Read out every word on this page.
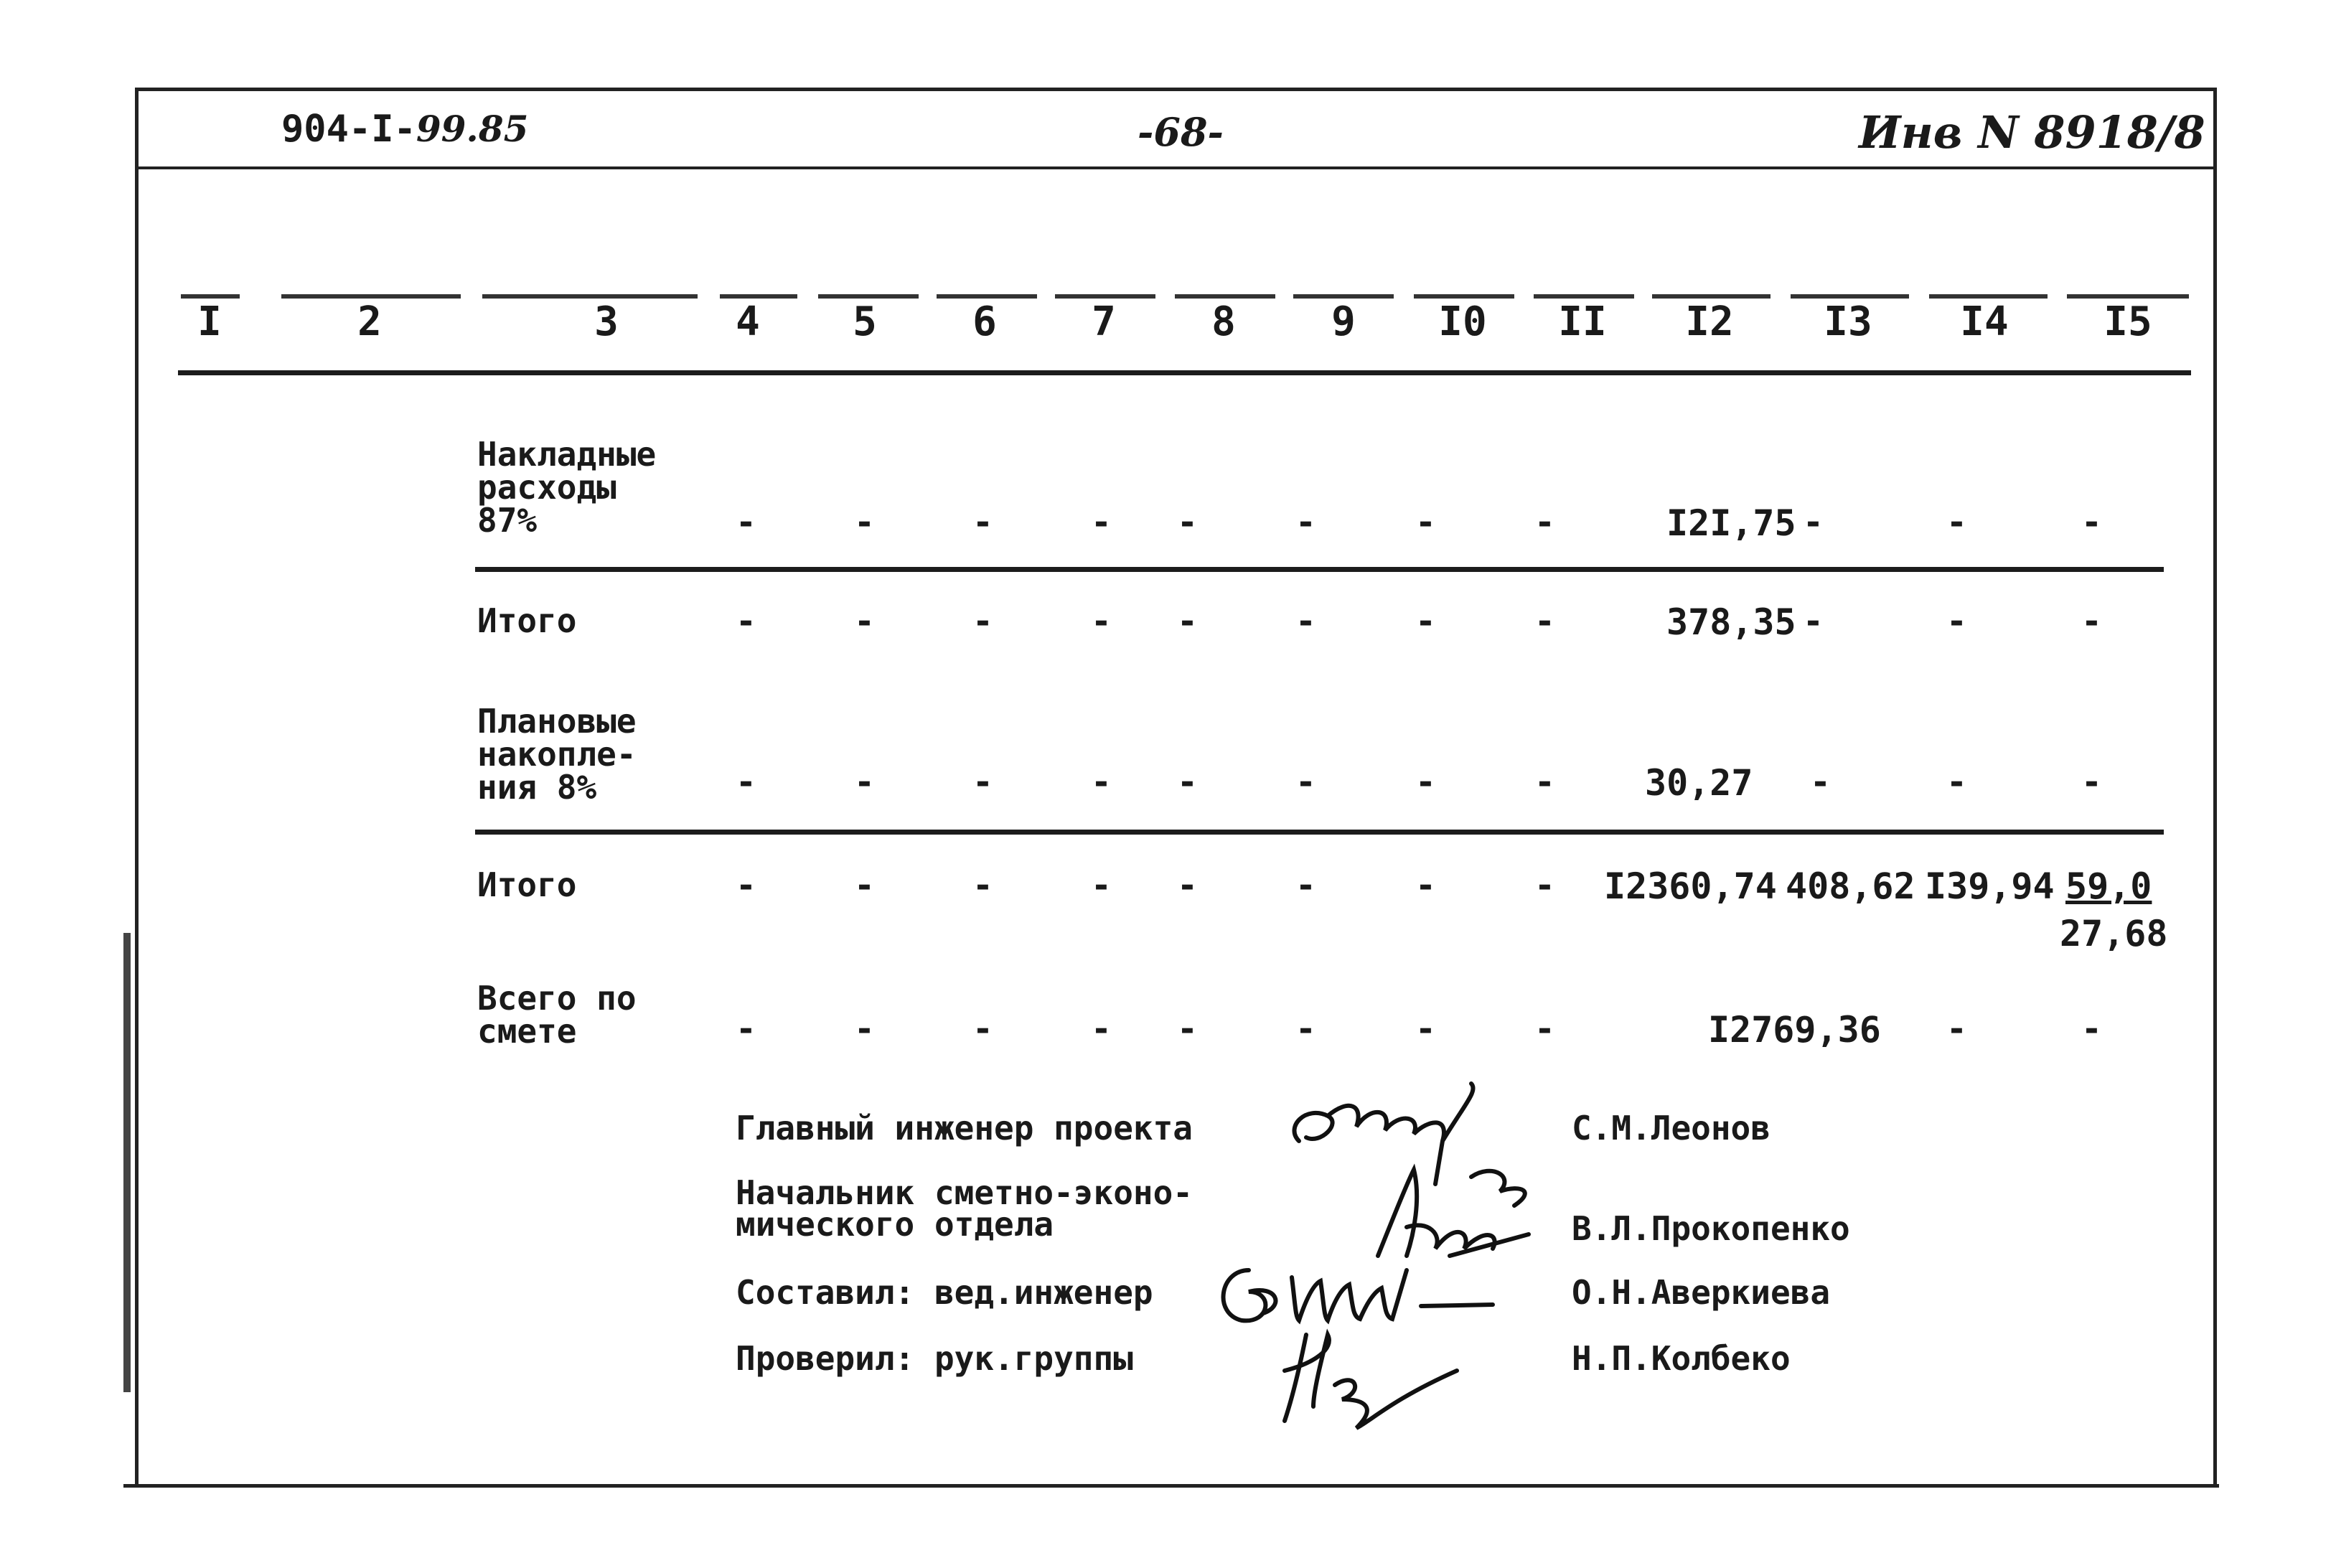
904-I-99.85	-68-	Инв N 8918/8
I	2	3	4	5	6	7	8	9	I0	II	I2	I3	I4	I5
Накладные
расходы
87%	-	-	-	- -	-	-	-	I2I,75 -	-	-
Итого	-	-	-	- -	-	-	-	378,35 -	-	-
Плановые
накопле-
ния 8%	-	-	-	- -	-	-	-	30,27 -	-	-
Итого	-	-	-	- -	-	-	- I2360,74 408,62 I39,94 59,0
27,68
Всего по
смете	-	-	-	- -	-	-	-	I2769,36 -	-
Главный инженер проекта	С.М.Леонов
Начальник сметно-эконо-
мического отдела	В.Л.Прокопенко
Составил: вед.инженер	О.Н.Аверкиева
Проверил: рук.группы	Н.П.Колбеко
